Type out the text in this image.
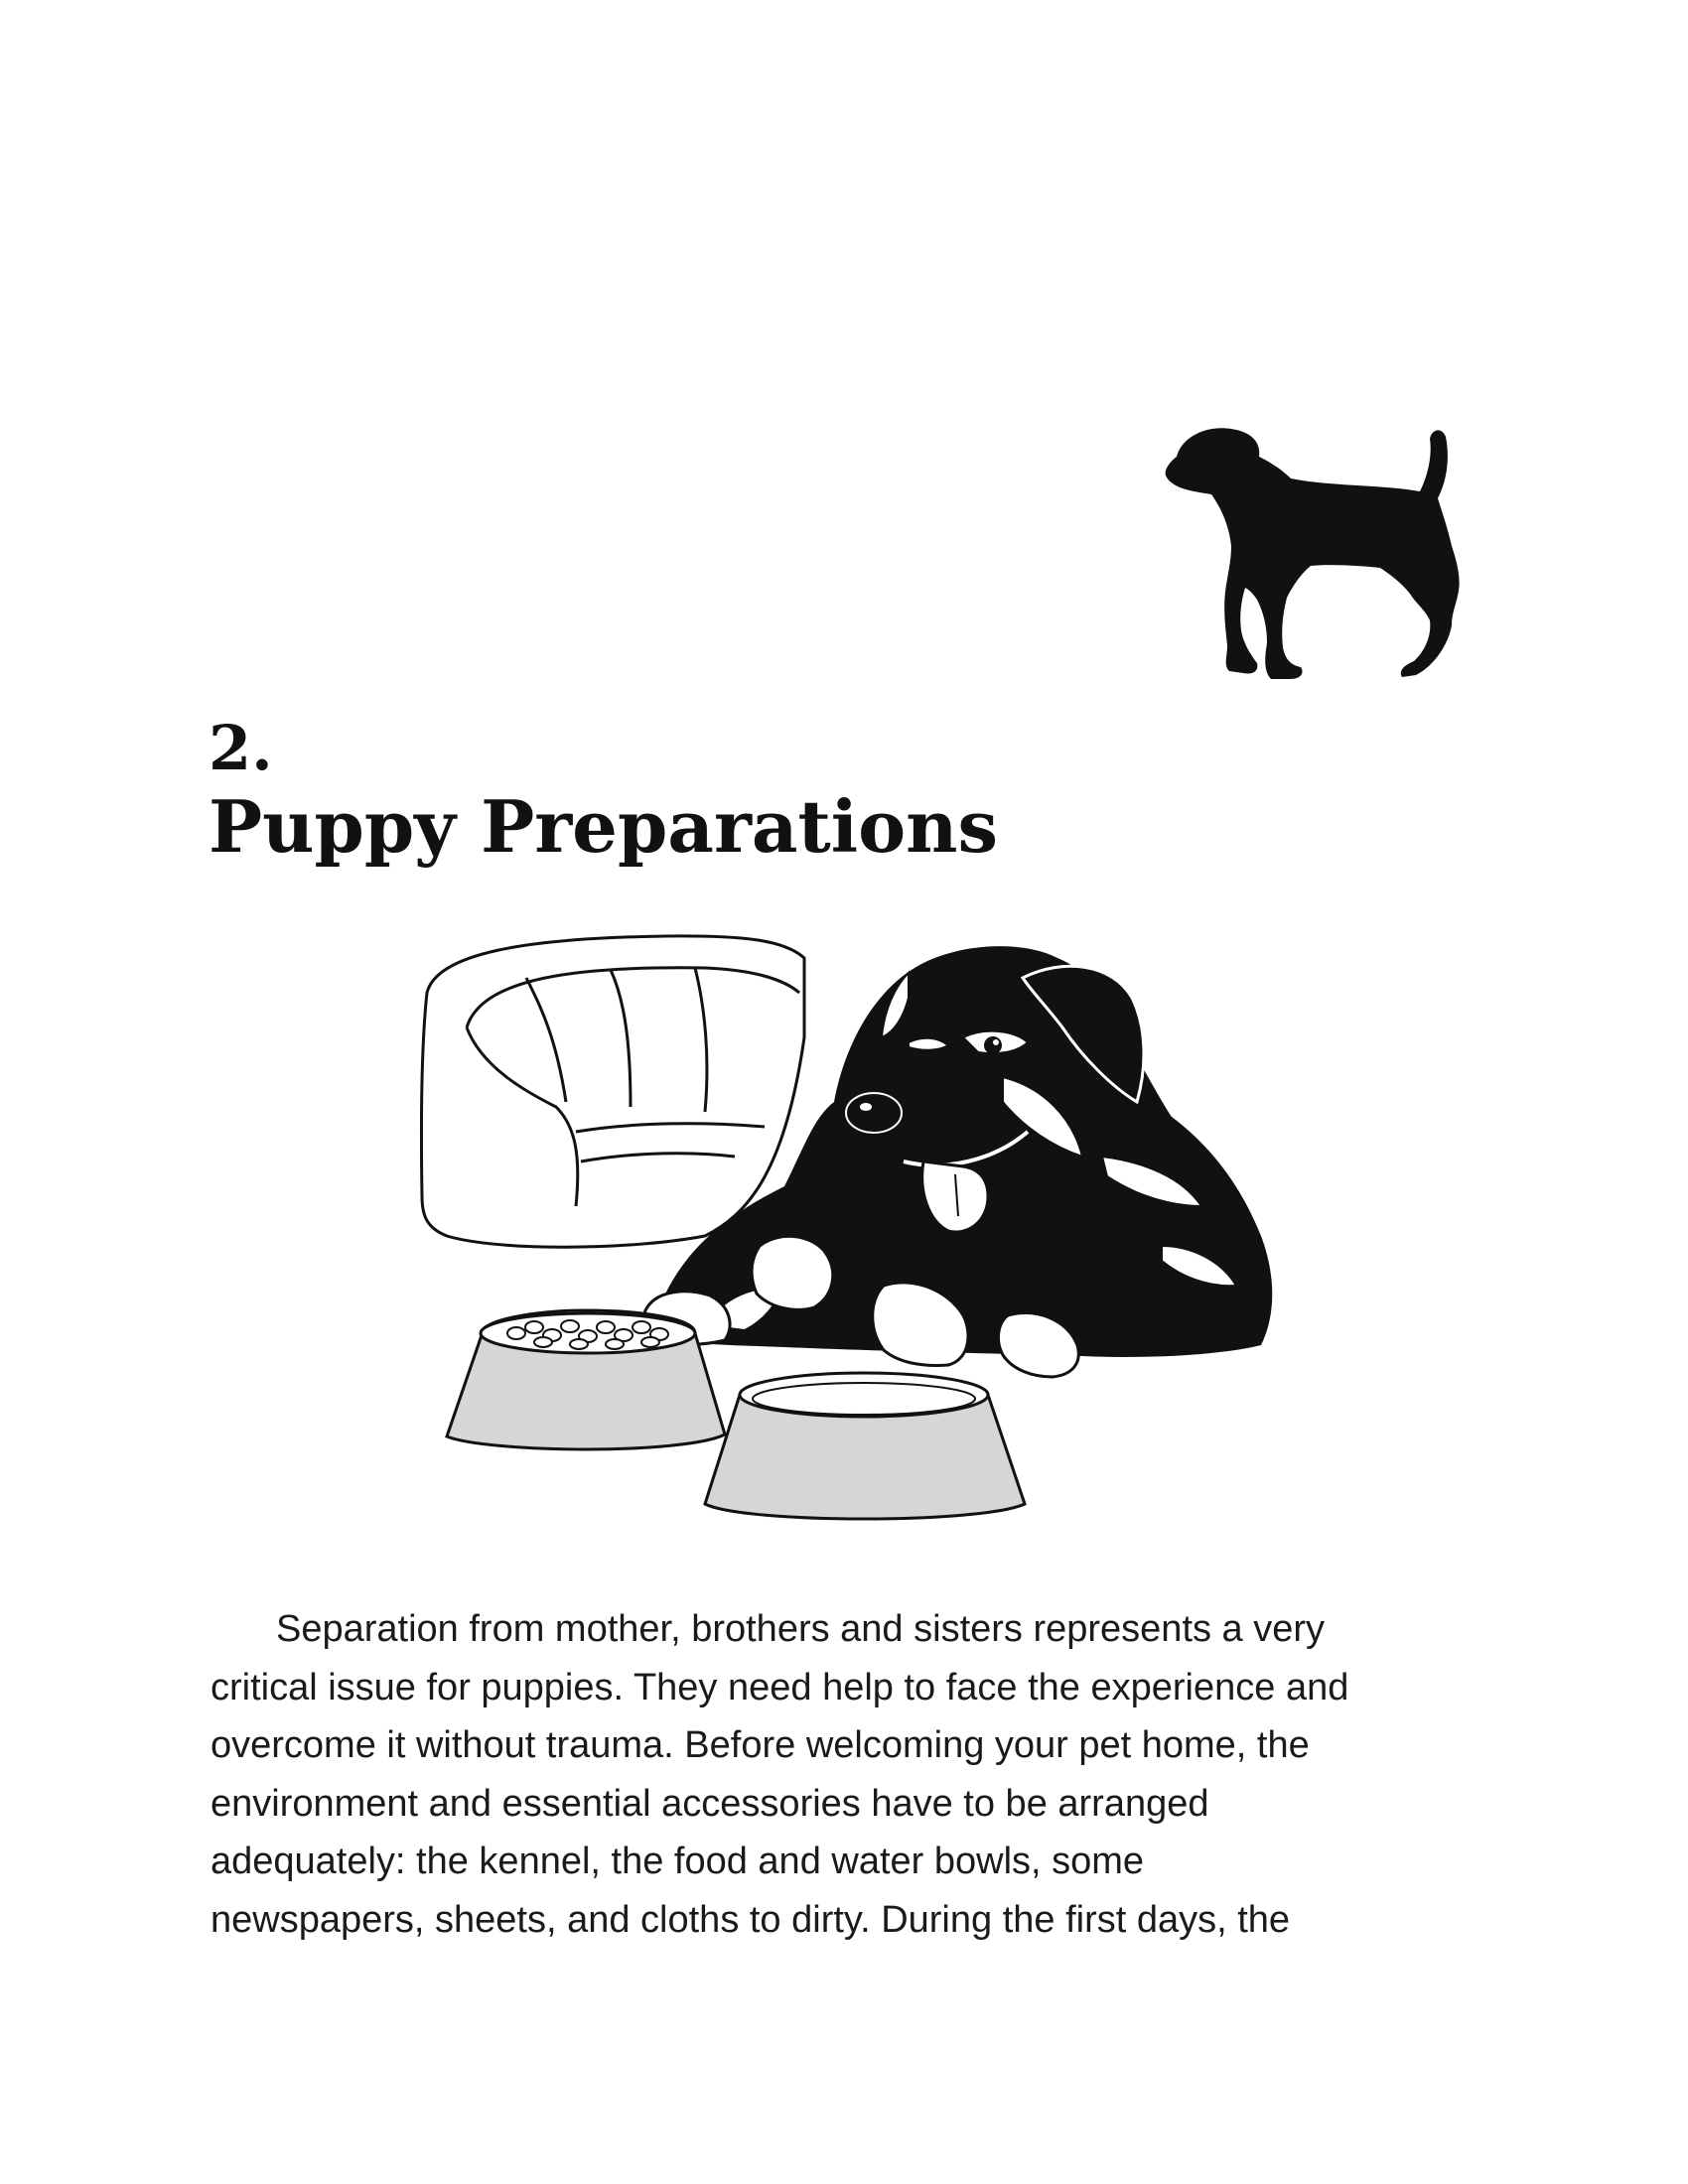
2.
Puppy Preparations
Separation from mother, brothers and sisters represents a very
critical issue for puppies. They need help to face the experience and
overcome it without trauma. Before welcoming your pet home, the
environment and essential accessories have to be arranged
adequately: the kennel, the food and water bowls, some
newspapers, sheets, and cloths to dirty. During the first days, the
